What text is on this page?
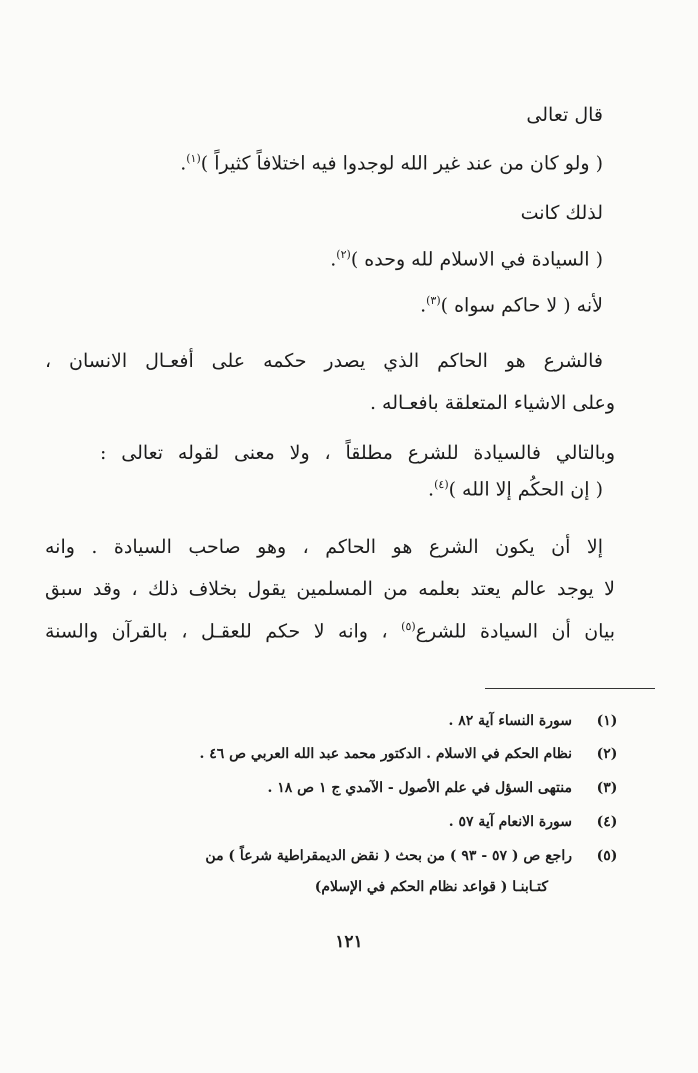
قال تعالى
( ولو كان من عند غير الله لوجدوا فيه اختلافاً كثيراً )$^{(١)}$.
لذلك كانت
( السيادة في الاسلام لله وحده )$^{(٢)}$.
لأنه ( لا حاكم سواه )$^{(٣)}$.
فالشرع هو الحاكم الذي يصدر حكمه على أفعـال الانسان ،
وعلى الاشياء المتعلقة بافعـاله .
وبالتالي فالسيادة للشرع مطلقاً ، ولا معنى لقوله تعالى :
( إن الحكُم إلا الله )$^{(٤)}$.
إلا أن يكون الشرع هو الحاكم ، وهو صاحب السيادة . وانه
لا يوجد عالم يعتد بعلمه من المسلمين يقول بخلاف ذلك ، وقد سبق
بيان أن السيادة للشرع$^{(٥)}$ ، وانه لا حكم للعقـل ، بالقرآن والسنة
(١)سورة النساء آية ٨٢ .
(٢)نظام الحكم في الاسلام . الدكتور محمد عبد الله العربي ص ٤٦ .
(٣)منتهى السؤل في علم الأصول - الآمدي ج ١ ص ١٨ .
(٤)سورة الانعام آية ٥٧ .
(٥)راجع ص ( ٥٧ - ٩٣ ) من بحث ( نقض الديمقراطية شرعاً ) من
كتـابنـا ( قواعد نظام الحكم في الإسلام)
١٢١
